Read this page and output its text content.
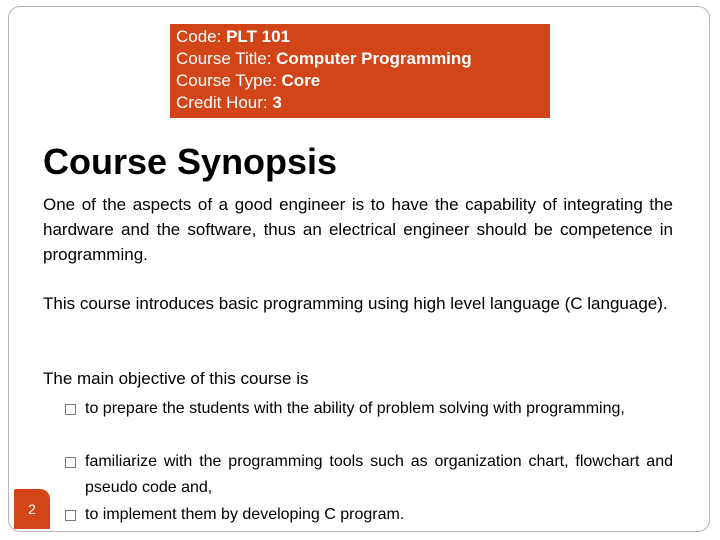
Code: PLT 101
Course Title: Computer Programming
Course Type: Core
Credit Hour: 3
Course Synopsis

One of the aspects of a good engineer is to have the capability of integrating the hardware and the software, thus an electrical engineer should be competence in programming.

This course introduces basic programming using high level language (C language).

The main objective of this course is

to prepare the students with the ability of problem solving with programming,
familiarize with the programming tools such as organization chart, flowchart and pseudo code and,
to implement them by developing C program.
2
